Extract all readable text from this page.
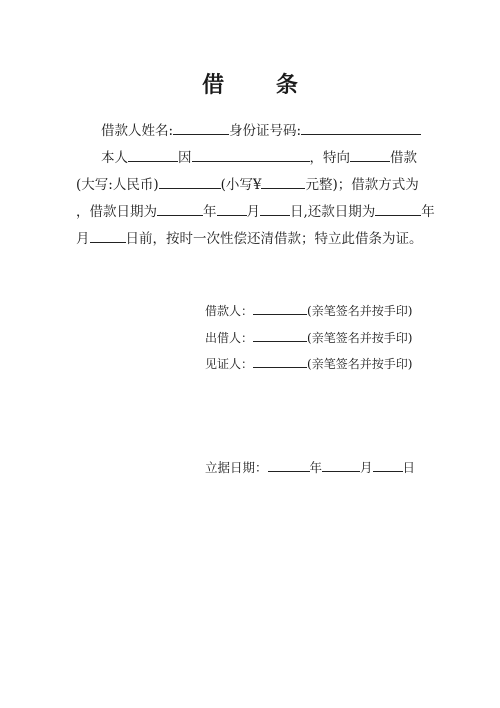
借 条
借款人姓名:	身份证号码:
本人	因	，特向	借款
(大写:人民币)	(小写¥	元整)；借款方式为
，借款日期为	年 月 日,还款日期为	年
月	日前，按时一次性偿还清借款；特立此借条为证。
借款人：	(亲笔签名并按手印)
出借人：	(亲笔签名并按手印)
见证人：	(亲笔签名并按手印)
立据日期：	年	月 日
